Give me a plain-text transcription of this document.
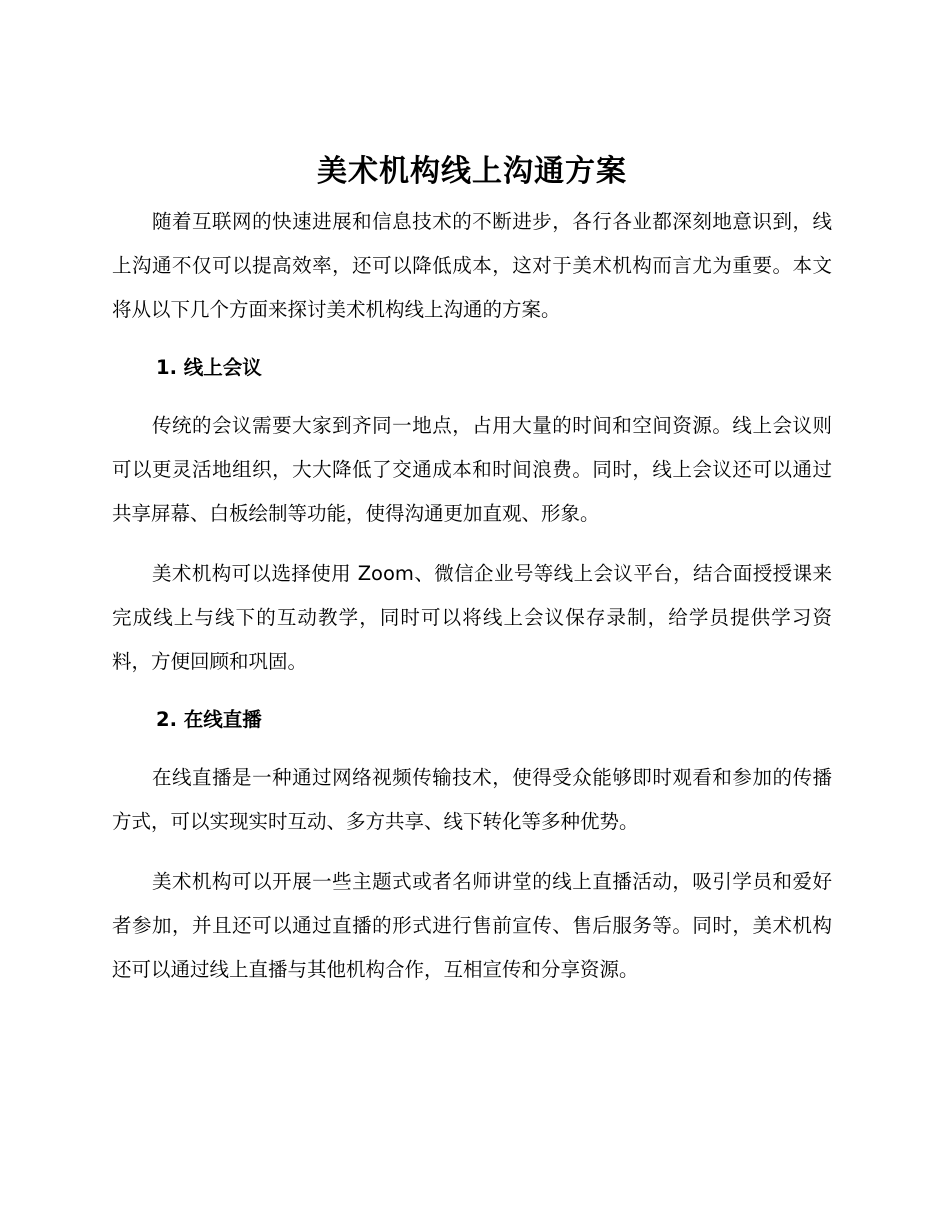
美术机构线上沟通方案

随着互联网的快速进展和信息技术的不断进步，各行各业都深刻地意识到，线上沟通不仅可以提高效率，还可以降低成本，这对于美术机构而言尤为重要。本文将从以下几个方面来探讨美术机构线上沟通的方案。

1. 线上会议

传统的会议需要大家到齐同一地点，占用大量的时间和空间资源。线上会议则可以更灵活地组织，大大降低了交通成本和时间浪费。同时，线上会议还可以通过共享屏幕、白板绘制等功能，使得沟通更加直观、形象。

美术机构可以选择使用 Zoom、微信企业号等线上会议平台，结合面授授课来完成线上与线下的互动教学，同时可以将线上会议保存录制，给学员提供学习资料，方便回顾和巩固。

2. 在线直播

在线直播是一种通过网络视频传输技术，使得受众能够即时观看和参加的传播方式，可以实现实时互动、多方共享、线下转化等多种优势。

美术机构可以开展一些主题式或者名师讲堂的线上直播活动，吸引学员和爱好者参加，并且还可以通过直播的形式进行售前宣传、售后服务等。同时，美术机构还可以通过线上直播与其他机构合作，互相宣传和分享资源。
